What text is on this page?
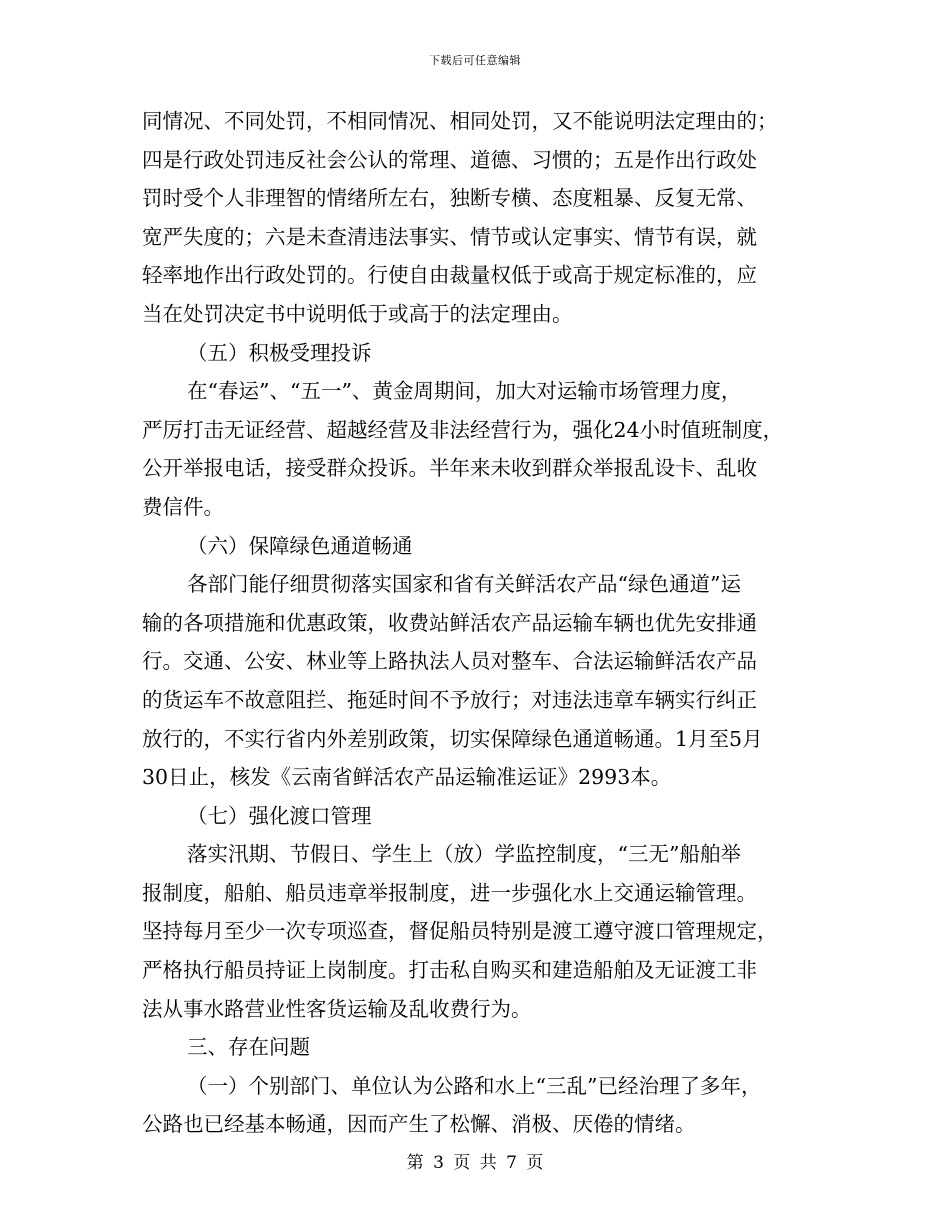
下载后可任意编辑
同情况、不同处罚，不相同情况、相同处罚，又不能说明法定理由的；
四是行政处罚违反社会公认的常理、道德、习惯的；五是作出行政处
罚时受个人非理智的情绪所左右，独断专横、态度粗暴、反复无常、
宽严失度的；六是未查清违法事实、情节或认定事实、情节有误，就
轻率地作出行政处罚的。行使自由裁量权低于或高于规定标准的，应
当在处罚决定书中说明低于或高于的法定理由。
（五）积极受理投诉
在“春运”、“五一”、黄金周期间，加大对运输市场管理力度，
严厉打击无证经营、超越经营及非法经营行为，强化24小时值班制度，
公开举报电话，接受群众投诉。半年来未收到群众举报乱设卡、乱收
费信件。
（六）保障绿色通道畅通
各部门能仔细贯彻落实国家和省有关鲜活农产品“绿色通道”运
输的各项措施和优惠政策，收费站鲜活农产品运输车辆也优先安排通
行。交通、公安、林业等上路执法人员对整车、合法运输鲜活农产品
的货运车不故意阻拦、拖延时间不予放行；对违法违章车辆实行纠正
放行的，不实行省内外差别政策，切实保障绿色通道畅通。1月至5月
30日止，核发《云南省鲜活农产品运输准运证》2993本。
（七）强化渡口管理
落实汛期、节假日、学生上（放）学监控制度，“三无”船舶举
报制度，船舶、船员违章举报制度，进一步强化水上交通运输管理。
坚持每月至少一次专项巡查，督促船员特别是渡工遵守渡口管理规定，
严格执行船员持证上岗制度。打击私自购买和建造船舶及无证渡工非
法从事水路营业性客货运输及乱收费行为。
三、存在问题
（一）个别部门、单位认为公路和水上“三乱”已经治理了多年，
公路也已经基本畅通，因而产生了松懈、消极、厌倦的情绪。
第 3 页 共 7 页
